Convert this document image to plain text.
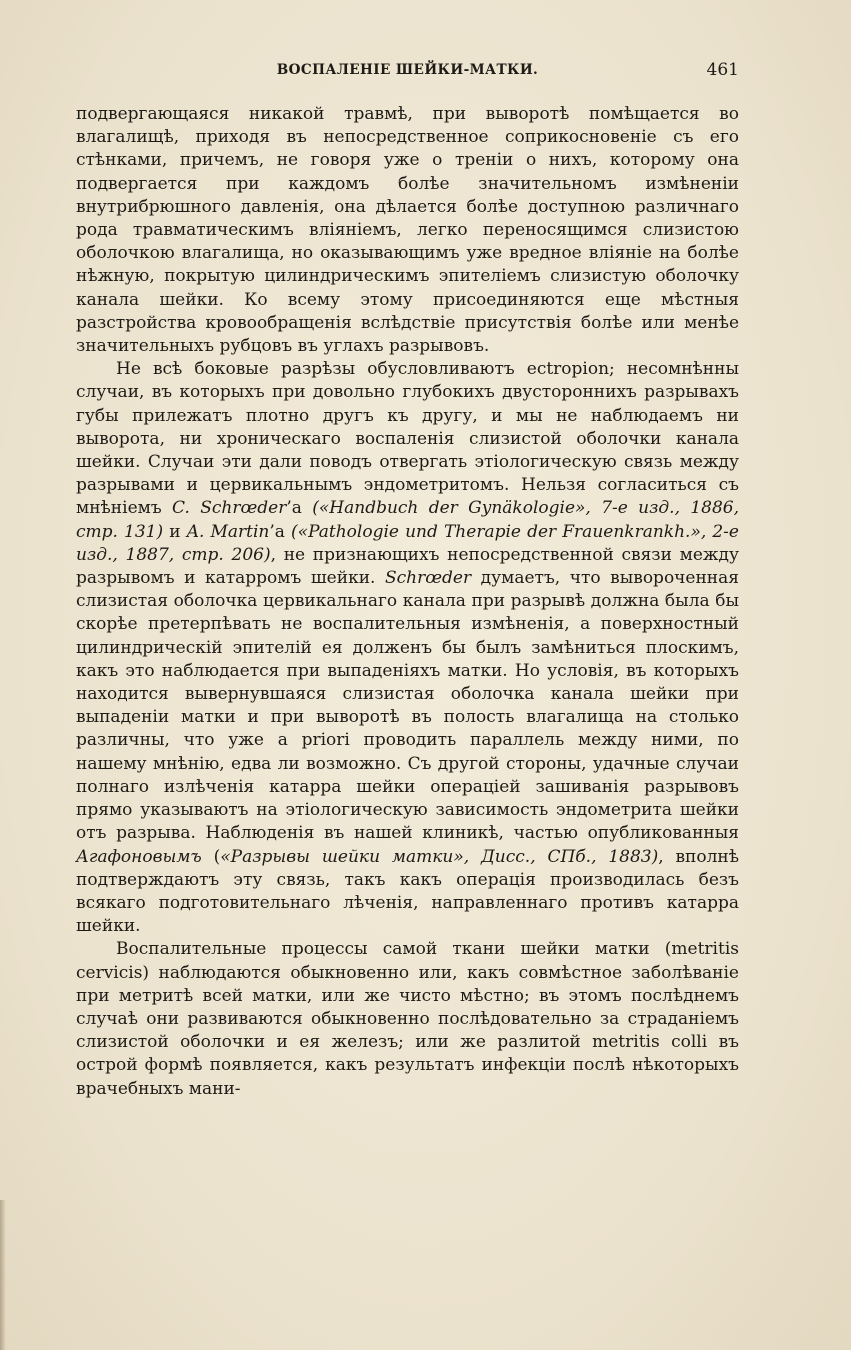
ВОСПАЛЕНІЕ ШЕЙКИ-МАТКИ.	461

подвергающаяся никакой травмѣ, при выворотѣ помѣщается во влагалищѣ, приходя въ непосредственное соприкосновеніе съ его стѣнками, причемъ, не говоря уже о треніи о нихъ, которому она подвергается при каждомъ болѣе значительномъ измѣненіи внутрибрюшного давленія, она дѣлается болѣе доступною различнаго рода травматическимъ вліяніемъ, легко переносящимся слизистою оболочкою влагалища, но оказывающимъ уже вредное вліяніе на болѣе нѣжную, покрытую цилиндрическимъ эпителіемъ слизистую оболочку канала шейки. Ко всему этому присоединяются еще мѣстныя разстройства кровообращенія вслѣдствіе присутствія болѣе или менѣе значительныхъ рубцовъ въ углахъ разрывовъ.

Не всѣ боковые разрѣзы обусловливаютъ ectropion; несомнѣнны случаи, въ которыхъ при довольно глубокихъ двустороннихъ разрывахъ губы прилежатъ плотно другъ къ другу, и мы не наблюдаемъ ни выворота, ни хроническаго воспаленія слизистой оболочки канала шейки. Случаи эти дали поводъ отвергать этіологическую связь между разрывами и цервикальнымъ эндометритомъ. Нельзя согласиться съ мнѣніемъ C. Schrœder’а («Handbuch der Gynäkologie», 7-е изд., 1886, стр. 131) и A. Martin’а («Pathologie und Therapie der Frauenkrankh.», 2-е изд., 1887, стр. 206), не признающихъ непосредственной связи между разрывомъ и катарромъ шейки. Schrœder думаетъ, что вывороченная слизистая оболочка цервикальнаго канала при разрывѣ должна была бы скорѣе претерпѣвать не воспалительныя измѣненія, а поверхностный цилиндрическій эпителій ея долженъ бы былъ замѣниться плоскимъ, какъ это наблюдается при выпаденіяхъ матки. Но условія, въ которыхъ находится вывернувшаяся слизистая оболочка канала шейки при выпаденіи матки и при выворотѣ въ полость влагалища на столько различны, что уже a priori проводить параллель между ними, по нашему мнѣнію, едва ли возможно. Съ другой стороны, удачные случаи полнаго излѣченія катарра шейки операціей зашиванія разрывовъ прямо указываютъ на этіологическую зависимость эндометрита шейки отъ разрыва. Наблюденія въ нашей клиникѣ, частью опубликованныя Агафоновымъ («Разрывы шейки матки», Дисс., СПб., 1883), вполнѣ подтверждаютъ эту связь, такъ какъ операція производилась безъ всякаго подготовительнаго лѣченія, направленнаго противъ катарра шейки.

Воспалительные процессы самой ткани шейки матки (metritis cervicis) наблюдаются обыкновенно или, какъ совмѣстное заболѣваніе при метритѣ всей матки, или же чисто мѣстно; въ этомъ послѣднемъ случаѣ они развиваются обыкновенно послѣдовательно за страданіемъ слизистой оболочки и ея железъ; или же разлитой metritis colli въ острой формѣ появляется, какъ результатъ инфекціи послѣ нѣкоторыхъ врачебныхъ мани-
